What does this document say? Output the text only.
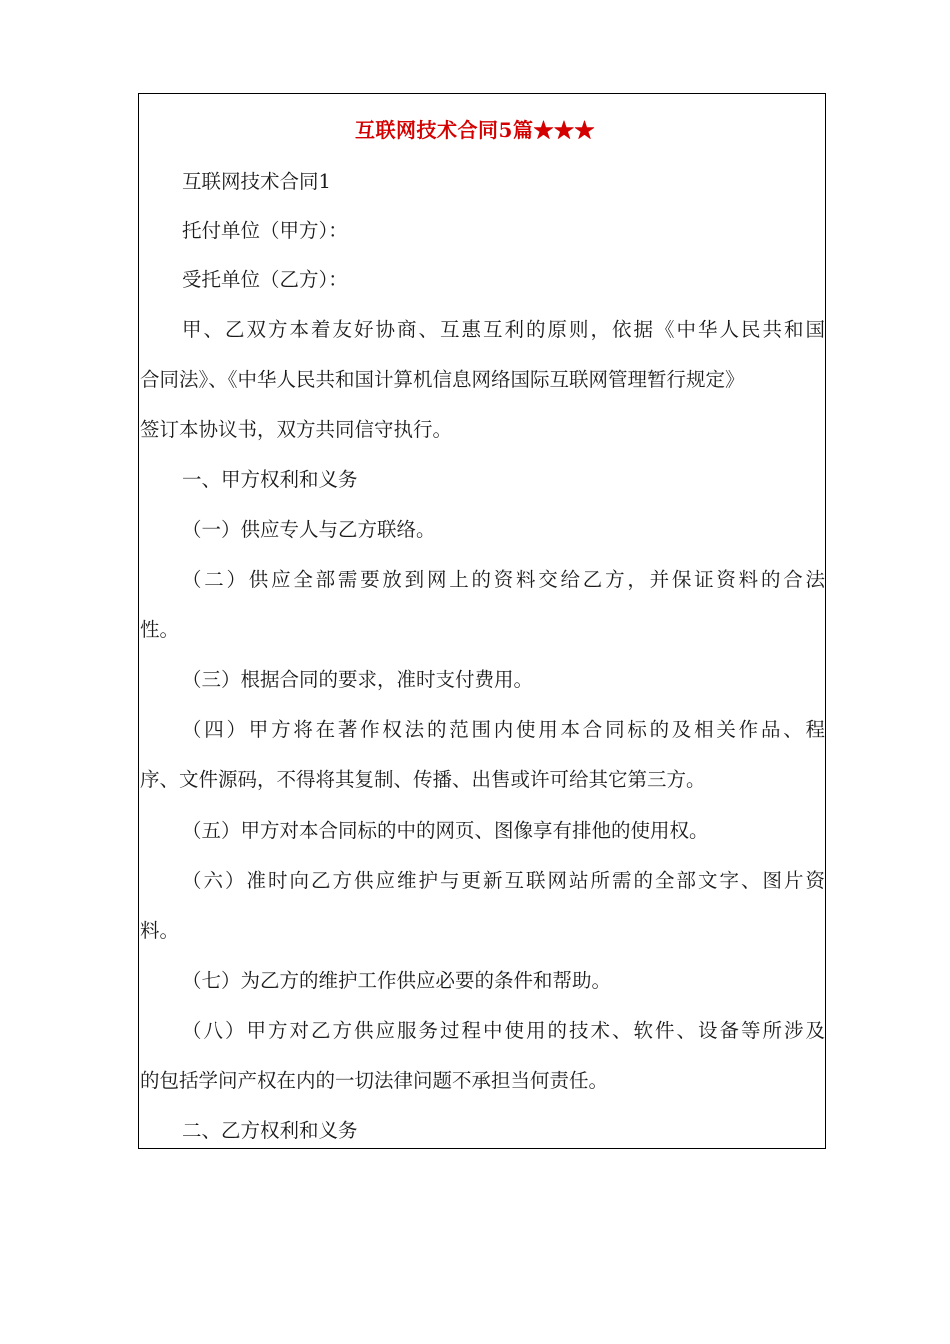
互联网技术合同5篇★★★
互联网技术合同1
托付单位（甲方）：
受托单位（乙方）：
甲、乙双方本着友好协商、互惠互利的原则，依据《中华人民共和国
合同法》、《中华人民共和国计算机信息网络国际互联网管理暂行规定》
签订本协议书，双方共同信守执行。
一、甲方权利和义务
（一）供应专人与乙方联络。
（二）供应全部需要放到网上的资料交给乙方，并保证资料的合法
性。
（三）根据合同的要求，准时支付费用。
（四）甲方将在著作权法的范围内使用本合同标的及相关作品、程
序、文件源码，不得将其复制、传播、出售或许可给其它第三方。
（五）甲方对本合同标的中的网页、图像享有排他的使用权。
（六）准时向乙方供应维护与更新互联网站所需的全部文字、图片资
料。
（七）为乙方的维护工作供应必要的条件和帮助。
（八）甲方对乙方供应服务过程中使用的技术、软件、设备等所涉及
的包括学问产权在内的一切法律问题不承担当何责任。
二、乙方权利和义务
